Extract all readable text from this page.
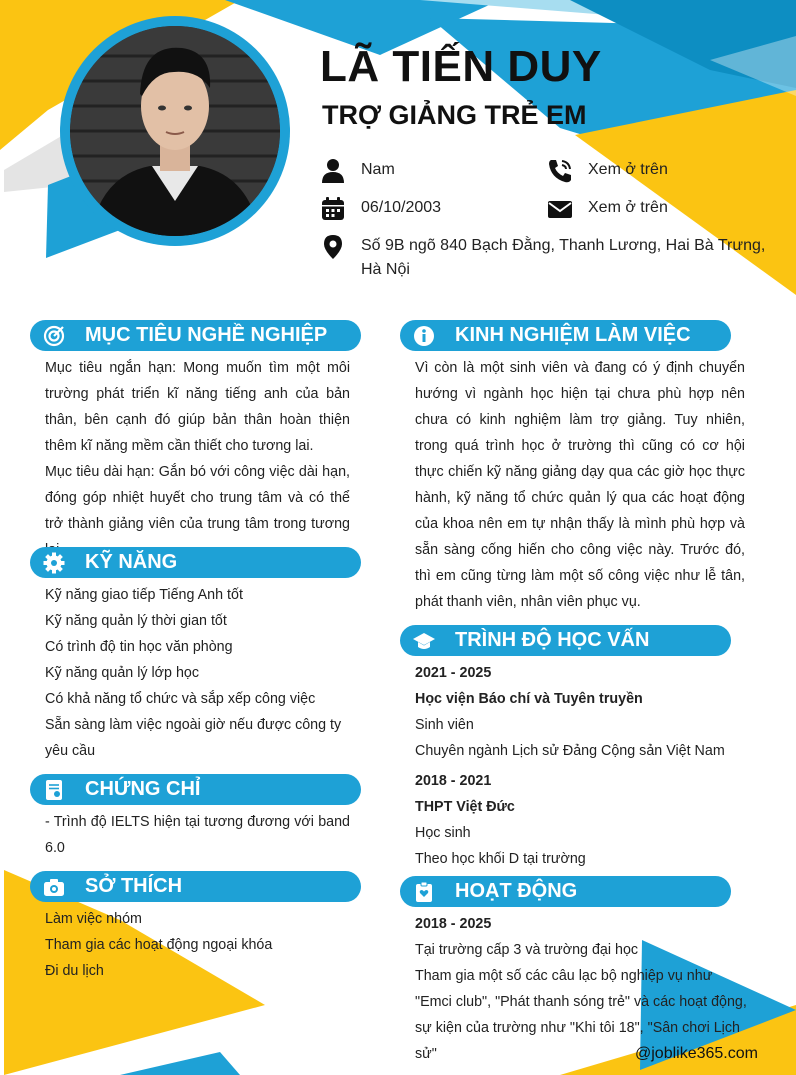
LÃ TIẾN DUY
TRỢ GIẢNG TRẺ EM
Nam	Xem ở trên
06/10/2003	Xem ở trên
Số 9B ngõ 840 Bạch Đằng, Thanh Lương, Hai Bà Trưng, Hà Nội
MỤC TIÊU NGHỀ NGHIỆP

Mục tiêu ngắn hạn: Mong muốn tìm một môi trường phát triển kĩ năng tiếng anh của bản thân, bên cạnh đó giúp bản thân hoàn thiện thêm kĩ năng mềm cần thiết cho tương lai.

Mục tiêu dài hạn: Gắn bó với công việc dài hạn, đóng góp nhiệt huyết cho trung tâm và có thể trở thành giảng viên của trung tâm trong tương

KỸ NĂNG

Kỹ năng giao tiếp Tiếng Anh tốt

Kỹ năng quản lý thời gian tốt

Có trình độ tin học văn phòng

Kỹ năng quản lý lớp học

Có khả năng tổ chức và sắp xếp công việc

Sẵn sàng làm việc ngoài giờ nếu được công ty yêu cầu

CHỨNG CHỈ

- Trình độ IELTS hiện tại tương đương với band 6.0

SỞ THÍCH

Làm việc nhóm

Tham gia các hoạt động ngoại khóa

Đi du lịch

KINH NGHIỆM LÀM VIỆC

Vì còn là một sinh viên và đang có ý định chuyển hướng vì ngành học hiện tại chưa phù hợp nên chưa có kinh nghiệm làm trợ giảng. Tuy nhiên, trong quá trình học ở trường thì cũng có cơ hội thực chiến kỹ năng giảng dạy qua các giờ học thực hành, kỹ năng tổ chức quản lý qua các hoạt động của khoa nên em tự nhận thấy là mình phù hợp và sẵn sàng cống hiến cho công việc này. Trước đó, thì em cũng từng làm một số công việc như lễ tân, phát thanh viên, nhân viên phục vụ.

TRÌNH ĐỘ HỌC VẤN

2021 - 2025

Học viện Báo chí và Tuyên truyền

Sinh viên

Chuyên ngành Lịch sử Đảng Cộng sản Việt Nam

2018 - 2021

THPT Việt Đức

Học sinh

Theo học khối D tại trường

HOẠT ĐỘNG

2018 - 2025

Tại trường cấp 3 và trường đại học

Tham gia một số các câu lạc bộ nghiệp vụ như "Emci club", "Phát thanh sóng trẻ" và các hoạt động, sự kiện của trường như "Khi tôi 18", "Sân chơi Lịch sử"	@joblike365.com
